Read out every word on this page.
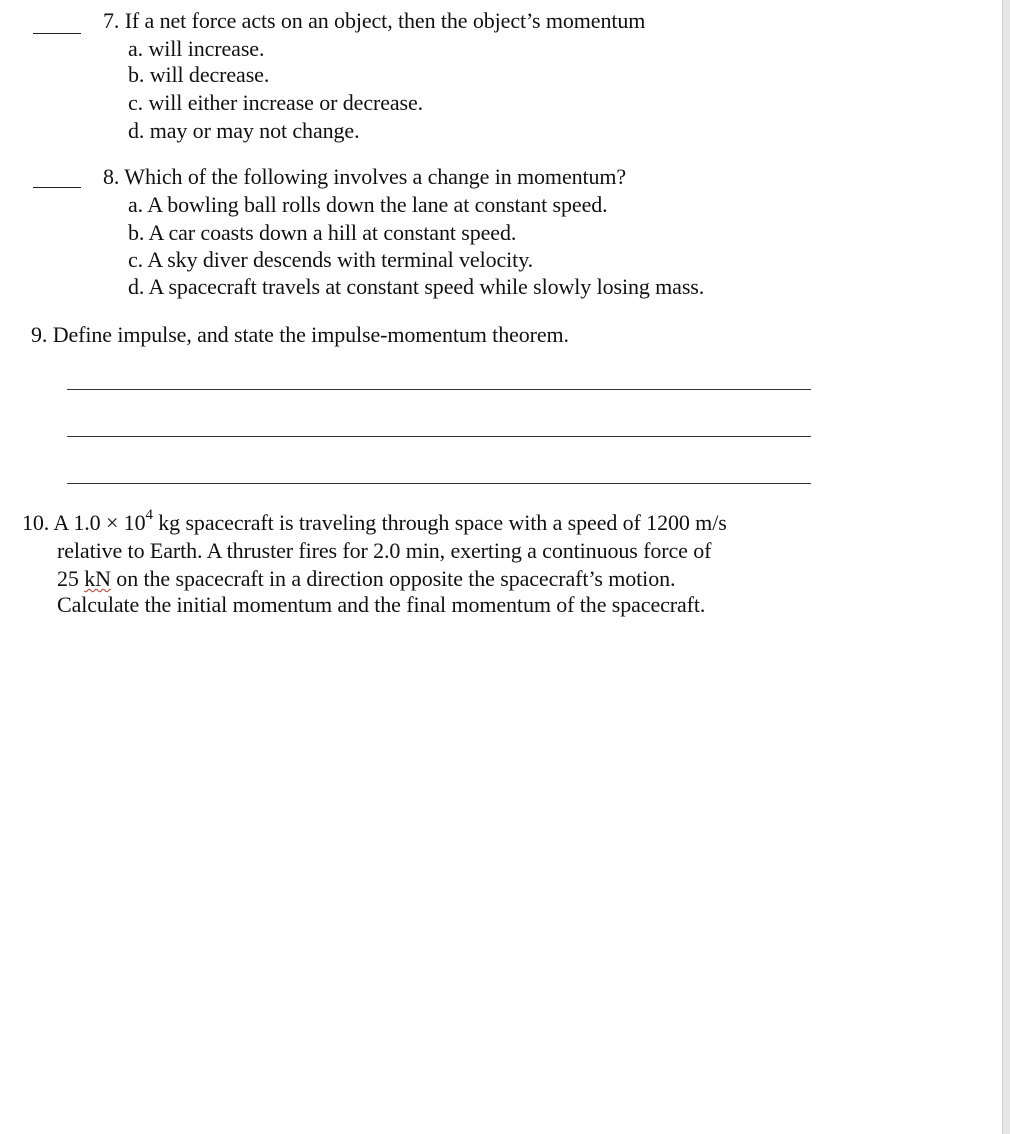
7. If a net force acts on an object, then the object’s momentum
a. will increase.
b. will decrease.
c. will either increase or decrease.
d. may or may not change.
8. Which of the following involves a change in momentum?
a. A bowling ball rolls down the lane at constant speed.
b. A car coasts down a hill at constant speed.
c. A sky diver descends with terminal velocity.
d. A spacecraft travels at constant speed while slowly losing mass.
9. Define impulse, and state the impulse-momentum theorem.
10. A $1.0 \times 10^4$ kg spacecraft is traveling through space with a speed of 1200 m/s
relative to Earth. A thruster fires for 2.0 min, exerting a continuous force of
25 kN on the spacecraft in a direction opposite the spacecraft’s motion.
Calculate the initial momentum and the final momentum of the spacecraft.
